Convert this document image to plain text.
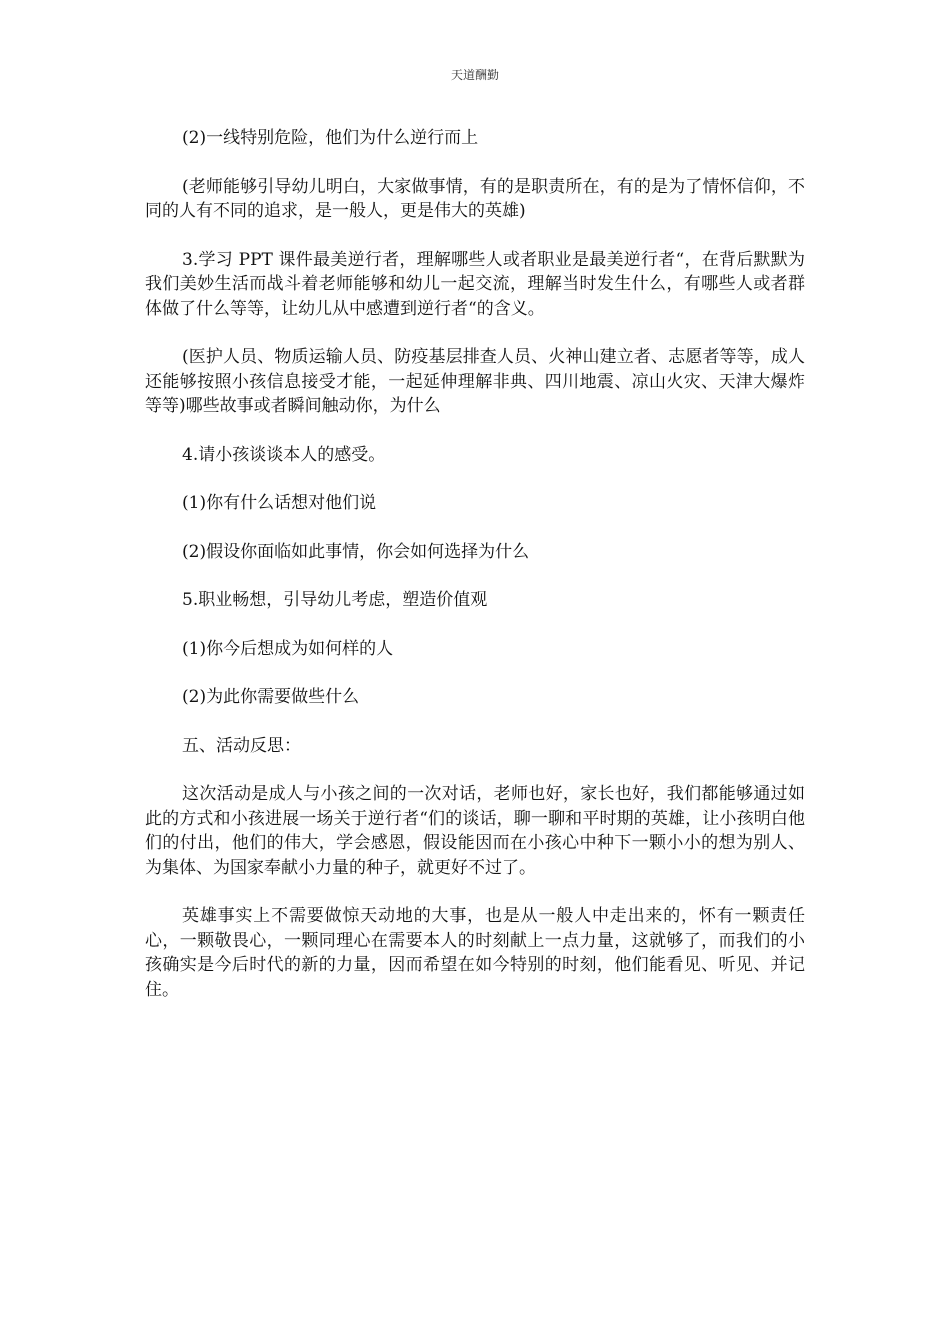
天道酬勤

(2)一线特别危险，他们为什么逆行而上

(老师能够引导幼儿明白，大家做事情，有的是职责所在，有的是为了情怀信仰，不同的人有不同的追求，是一般人，更是伟大的英雄)

3.学习 PPT 课件最美逆行者，理解哪些人或者职业是最美逆行者“，在背后默默为我们美妙生活而战斗着老师能够和幼儿一起交流，理解当时发生什么，有哪些人或者群体做了什么等等，让幼儿从中感遭到逆行者“的含义。

(医护人员、物质运输人员、防疫基层排查人员、火神山建立者、志愿者等等，成人还能够按照小孩信息接受才能，一起延伸理解非典、四川地震、凉山火灾、天津大爆炸等等)哪些故事或者瞬间触动你，为什么

4.请小孩谈谈本人的感受。

(1)你有什么话想对他们说

(2)假设你面临如此事情，你会如何选择为什么

5.职业畅想，引导幼儿考虑，塑造价值观

(1)你今后想成为如何样的人

(2)为此你需要做些什么

五、活动反思：

这次活动是成人与小孩之间的一次对话，老师也好，家长也好，我们都能够通过如此的方式和小孩进展一场关于逆行者“们的谈话，聊一聊和平时期的英雄，让小孩明白他们的付出，他们的伟大，学会感恩，假设能因而在小孩心中种下一颗小小的想为别人、为集体、为国家奉献小力量的种子，就更好不过了。

英雄事实上不需要做惊天动地的大事，也是从一般人中走出来的，怀有一颗责任心，一颗敬畏心，一颗同理心在需要本人的时刻献上一点力量，这就够了，而我们的小孩确实是今后时代的新的力量，因而希望在如今特别的时刻，他们能看见、听见、并记住。
